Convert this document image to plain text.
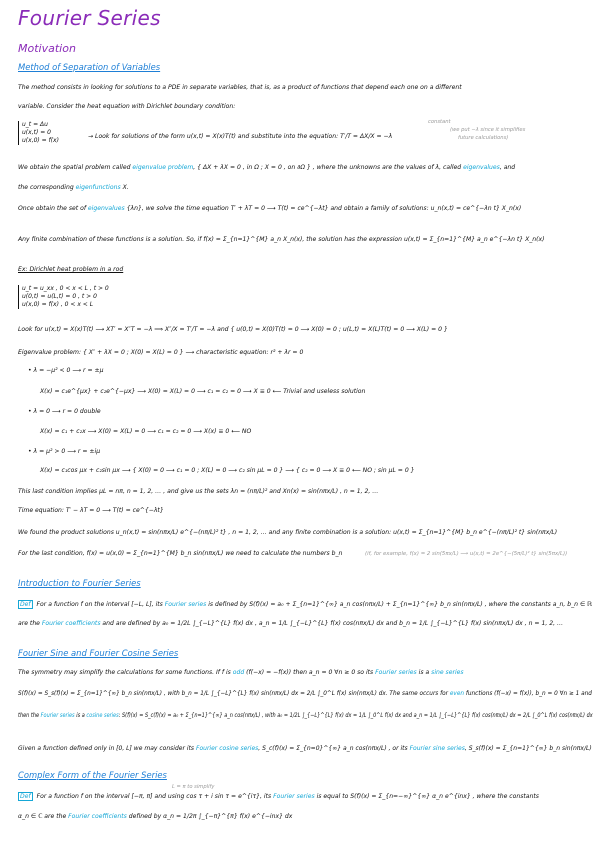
Fourier Series
Motivation
Method of Separation of Variables
The method consists in looking for solutions to a PDE in separate variables, that is, as a product of functions that depend each one on a different
variable. Consider the heat equation with Dirichlet boundary condition:
u_t = Δu
u(x,t) = 0
u(x,0) = f(x)
→ Look for solutions of the form u(x,t) = X(x)T(t) and substitute into the equation: T′/T = ΔX/X = −λ
constant
(we put −λ since it simplifies
future calculations)
We obtain the spatial problem called eigenvalue problem, { ΔX + λX = 0 , in Ω ; X = 0 , on ∂Ω } , where the unknowns are the values of λ, called eigenvalues, and
the corresponding eigenfunctions X.
Once obtain the set of eigenvalues {λn}, we solve the time equation T′ + λT = 0 ⟶ T(t) = ce^{−λt} and obtain a family of solutions: u_n(x,t) = ce^{−λn t} X_n(x)
Any finite combination of these functions is a solution. So, if f(x) = Σ_{n=1}^{M} a_n X_n(x), the solution has the expression u(x,t) = Σ_{n=1}^{M} a_n e^{−λn t} X_n(x)
Ex: Dirichlet heat problem in a rod
u_t = u_xx , 0 < x < L , t > 0
u(0,t) = u(L,t) = 0 , t > 0
u(x,0) = f(x) , 0 < x < L
Look for u(x,t) = X(x)T(t) ⟶ XT′ = X″T = −λ ⟹ X″/X = T′/T = −λ and { u(0,t) = X(0)T(t) = 0 ⟶ X(0) = 0 ; u(L,t) = X(L)T(t) = 0 ⟶ X(L) = 0 }
Eigenvalue problem: { X″ + λX = 0 ; X(0) = X(L) = 0 } ⟶ characteristic equation: r² + λr = 0
• λ = −μ² < 0 ⟶ r = ±μ
X(x) = c₁e^{μx} + c₂e^{−μx} ⟶ X(0) = X(L) = 0 ⟶ c₁ = c₂ = 0 ⟶ X ≡ 0 ⟵ Trivial and useless solution
• λ = 0 ⟶ r = 0 double
X(x) = c₁ + c₂x ⟶ X(0) = X(L) = 0 ⟶ c₁ = c₂ = 0 ⟶ X(x) ≡ 0 ⟵ NO
• λ = μ² > 0 ⟶ r = ±iμ
X(x) = c₁cos μx + c₂sin μx ⟶ { X(0) = 0 ⟶ c₁ = 0 ; X(L) = 0 ⟶ c₂ sin μL = 0 } ⟶ { c₂ = 0 ⟶ X ≡ 0 ⟵ NO ; sin μL = 0 }
This last condition implies μL = nπ, n = 1, 2, … , and give us the sets λn = (nπ/L)² and Xn(x) = sin(nπx/L) , n = 1, 2, …
Time equation: T′ − λT = 0 ⟶ T(t) = ce^{−λt}
We found the product solutions u_n(x,t) = sin(nπx/L) e^{−(nπ/L)² t} , n = 1, 2, … and any finite combination is a solution: u(x,t) = Σ_{n=1}^{M} b_n e^{−(nπ/L)² t} sin(nπx/L)
For the last condition, f(x) = u(x,0) = Σ_{n=1}^{M} b_n sin(nπx/L) we need to calculate the numbers b_n	(if, for example, f(x) = 2 sin(5πx/L) ⟶ u(x,t) = 2e^{−(5π/L)² t} sin(5πx/L))
Introduction to Fourier Series
Def For a function f on the interval [−L, L], its Fourier series is defined by S(f)(x) = a₀ + Σ_{n=1}^{∞} a_n cos(nπx/L) + Σ_{n=1}^{∞} b_n sin(nπx/L) , where the constants a_n, b_n ∈ ℝ
are the Fourier coefficients and are defined by a₀ = 1/2L ∫_{−L}^{L} f(x) dx , a_n = 1/L ∫_{−L}^{L} f(x) cos(nπx/L) dx and b_n = 1/L ∫_{−L}^{L} f(x) sin(nπx/L) dx , n = 1, 2, …
Fourier Sine and Fourier Cosine Series
The symmetry may simplify the calculations for some functions. If f is odd (f(−x) = −f(x)) then a_n = 0 ∀n ≥ 0 so its Fourier series is a sine series
S(f)(x) = S_s(f)(x) = Σ_{n=1}^{∞} b_n sin(nπx/L) , with b_n = 1/L ∫_{−L}^{L} f(x) sin(nπx/L) dx = 2/L ∫_0^L f(x) sin(nπx/L) dx. The same occurs for even functions (f(−x) = f(x)), b_n = 0 ∀n ≥ 1 and
then the Fourier series is a cosine series: S(f)(x) = S_c(f)(x) = a₀ + Σ_{n=1}^{∞} a_n cos(nπx/L) , with a₀ = 1/2L ∫_{−L}^{L} f(x) dx = 1/L ∫_0^L f(x) dx and a_n = 1/L ∫_{−L}^{L} f(x) cos(nπx/L) dx = 2/L ∫_0^L f(x) cos(nπx/L) dx
Given a function defined only in [0, L] we may consider its Fourier cosine series, S_c(f)(x) = Σ_{n=0}^{∞} a_n cos(nπx/L) , or its Fourier sine series, S_s(f)(x) = Σ_{n=1}^{∞} b_n sin(nπx/L)
Complex Form of the Fourier Series
L = π to simplify
Def For a function f on the interval [−π, π] and using cos τ + i sin τ = e^{iτ}, its Fourier series is equal to S(f)(x) = Σ_{n=−∞}^{∞} α_n e^{inx} , where the constants
α_n ∈ ℂ are the Fourier coefficients defined by α_n = 1/2π ∫_{−π}^{π} f(x) e^{−inx} dx
